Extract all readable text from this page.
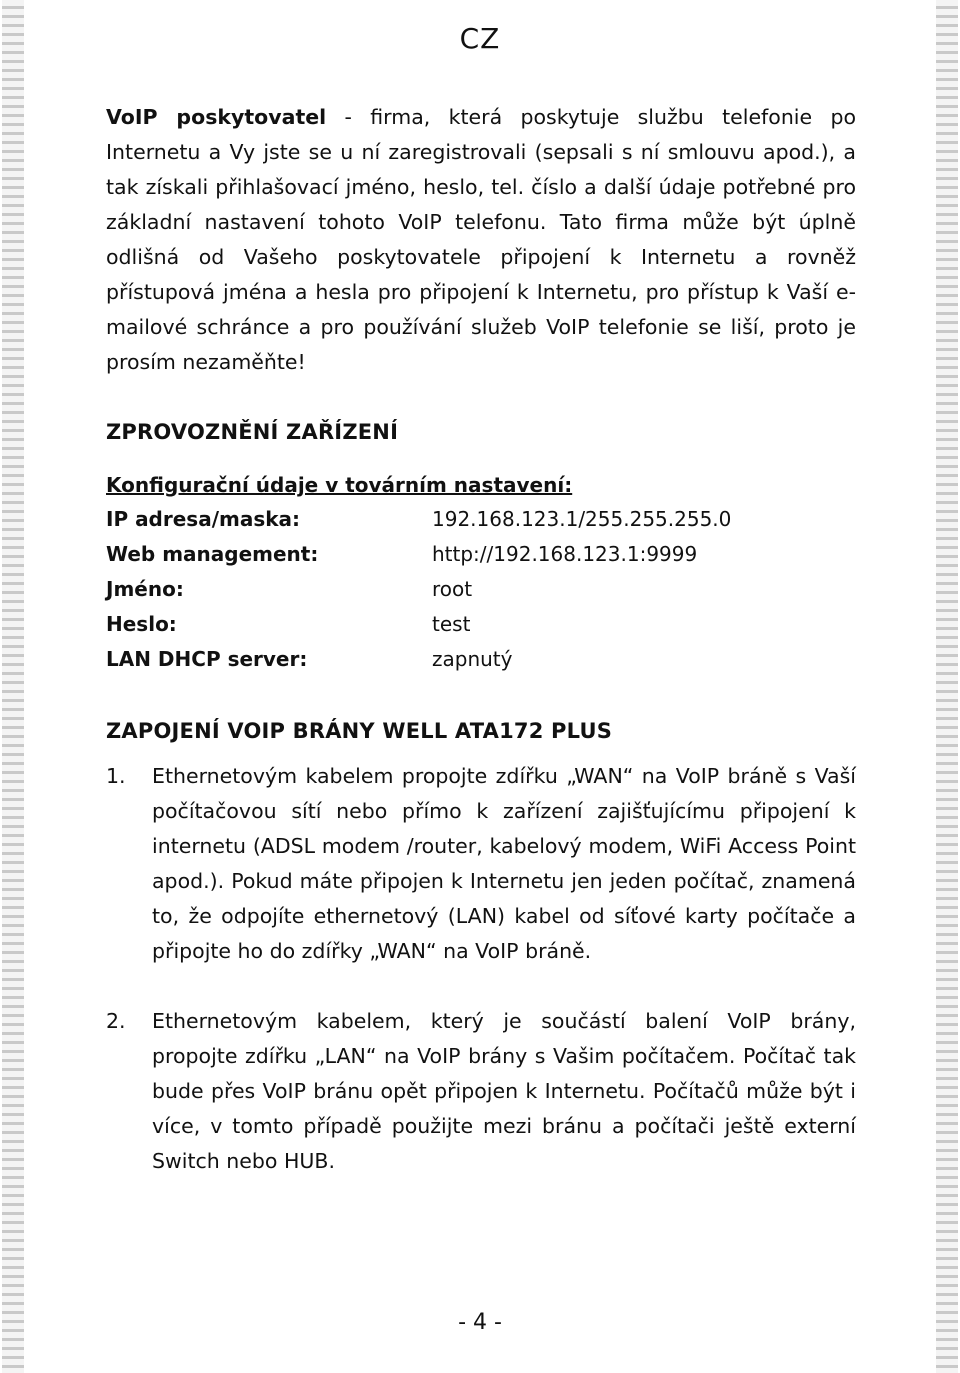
CZ

VoIP poskytovatel - firma, která poskytuje službu telefonie po Internetu a Vy jste se u ní zaregistrovali (sepsali s ní smlouvu apod.), a tak získali přihlašovací jméno, heslo, tel. číslo a další údaje potřebné pro základní nastavení tohoto VoIP telefonu. Tato firma může být úplně odlišná od Vašeho poskytovatele připojení k Internetu a rovněž přístupová jména a hesla pro připojení k Internetu, pro přístup k Vaší e-mailové schránce a pro používání služeb VoIP telefonie se liší, proto je prosím nezaměňte!

ZPROVOZNĚNÍ ZAŘÍZENÍ
Konfigurační údaje v továrním nastavení:
IP adresa/maska:	192.168.123.1/255.255.255.0
Web management:	http://192.168.123.1:9999
Jméno:	root
Heslo:	test
LAN DHCP server:	zapnutý
ZAPOJENÍ VOIP BRÁNY WELL ATA172 PLUS
1.	Ethernetovým kabelem propojte zdířku „WAN“ na VoIP bráně s Vaší počítačovou sítí nebo přímo k zařízení zajišťujícímu připojení k internetu (ADSL modem /router, kabelový modem, WiFi Access Point apod.). Pokud máte připojen k Internetu jen jeden počítač, znamená to, že odpojíte ethernetový (LAN) kabel od síťové karty počítače a připojte ho do zdířky „WAN“ na VoIP bráně.
2.	Ethernetovým kabelem, který je součástí balení VoIP brány, propojte zdířku „LAN“ na VoIP brány s Vašim počítačem. Počítač tak bude přes VoIP bránu opět připojen k Internetu. Počítačů může být i více, v tomto případě použijte mezi bránu a počítači ještě externí Switch nebo HUB.
- 4 -
